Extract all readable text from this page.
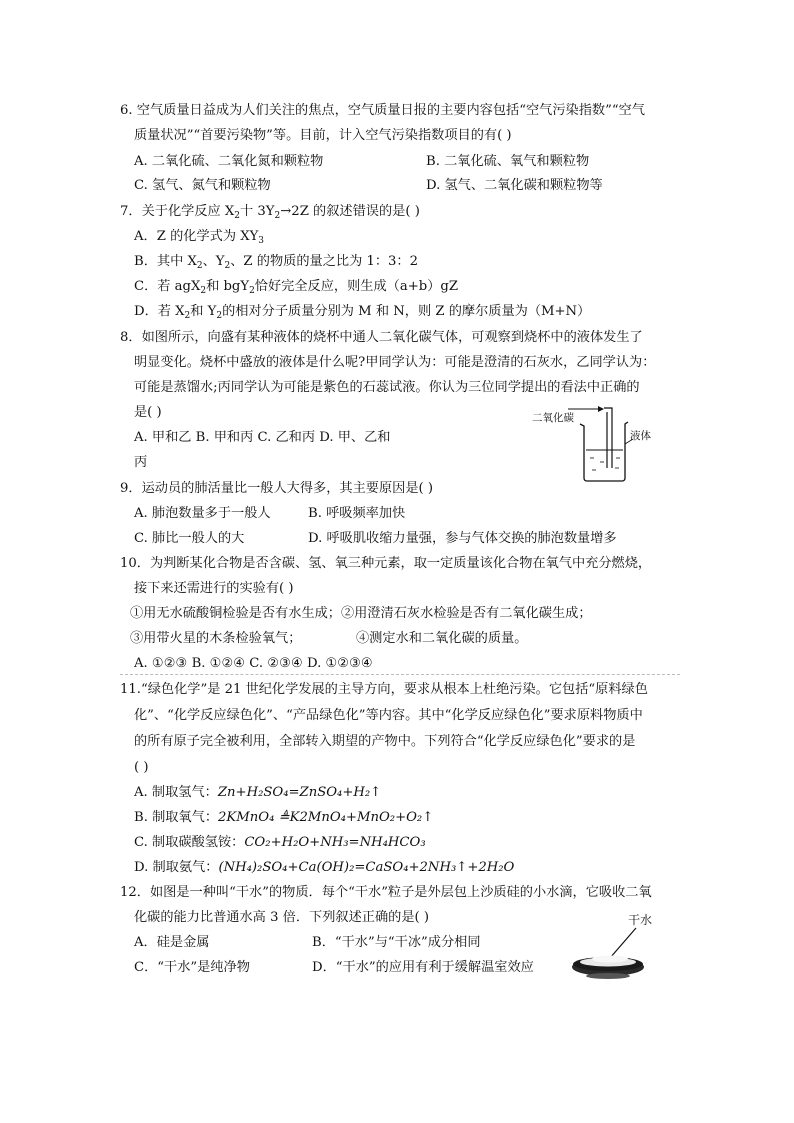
6. 空气质量日益成为人们关注的焦点，空气质量日报的主要内容包括“空气污染指数”“空气
质量状况”“首要污染物”等。目前，计入空气污染指数项目的有( )
A. 二氧化硫、二氧化氮和颗粒物	B. 二氧化硫、氧气和颗粒物
C. 氢气、氮气和颗粒物	D. 氢气、二氧化碳和颗粒物等
7．关于化学反应 $X_2$十 $3Y_2\to 2Z$ 的叙述错误的是( )
A．Z 的化学式为 $XY_3$
B．其中 $X_2$、$Y_2$、Z 的物质的量之比为 1：3：2
C．若 agX$_2$和 bgY$_2$恰好完全反应，则生成（a+b）gZ
D．若 $X_2$和 $Y_2$的相对分子质量分别为 M 和 N，则 Z 的摩尔质量为（M+N）
8．如图所示，向盛有某种液体的烧杯中通人二氧化碳气体，可观察到烧杯中的液体发生了
明显变化。烧杯中盛放的液体是什么呢?甲同学认为：可能是澄清的石灰水，乙同学认为：
可能是蒸馏水;丙同学认为可能是紫色的石蕊试液。你认为三位同学提出的看法中正确的
是( )
A. 甲和乙 B. 甲和丙 C. 乙和丙 D. 甲、乙和
丙
二氧化碳
液体
9．运动员的肺活量比一般人大得多，其主要原因是( )
A. 肺泡数量多于一般人	B. 呼吸频率加快
C. 肺比一般人的大	D. 呼吸肌收缩力量强，参与气体交换的肺泡数量增多
10．为判断某化合物是否含碳、氢、氧三种元素，取一定质量该化合物在氧气中充分燃烧，
接下来还需进行的实验有( )
①用无水硫酸铜检验是否有水生成；②用澄清石灰水检验是否有二氧化碳生成；
③用带火星的木条检验氧气；	④测定水和二氧化碳的质量。
A. ①②③ B. ①②④ C. ②③④ D. ①②③④
11.“绿色化学”是 21 世纪化学发展的主导方向，要求从根本上杜绝污染。它包括“原料绿色
化”、“化学反应绿色化”、“产品绿色化”等内容。其中“化学反应绿色化”要求原料物质中
的所有原子完全被利用，全部转入期望的产物中。下列符合“化学反应绿色化”要求的是
( )
A. 制取氢气：Zn+H₂SO₄=ZnSO₄+H₂↑
B. 制取氧气：2KMnO₄ ≜K2MnO₄+MnO₂+O₂↑
C. 制取碳酸氢铵：CO₂+H₂O+NH₃=NH₄HCO₃
D. 制取氨气：(NH₄)₂SO₄+Ca(OH)₂=CaSO₄+2NH₃↑+2H₂O
12．如图是一种叫“干水”的物质．每个“干水”粒子是外层包上沙质硅的小水滴，它吸收二氧
化碳的能力比普通水高 3 倍．下列叙述正确的是( )
A．硅是金属	B．“干水”与“干冰”成分相同
C．“干水”是纯净物	D．“干水”的应用有利于缓解温室效应
干水
